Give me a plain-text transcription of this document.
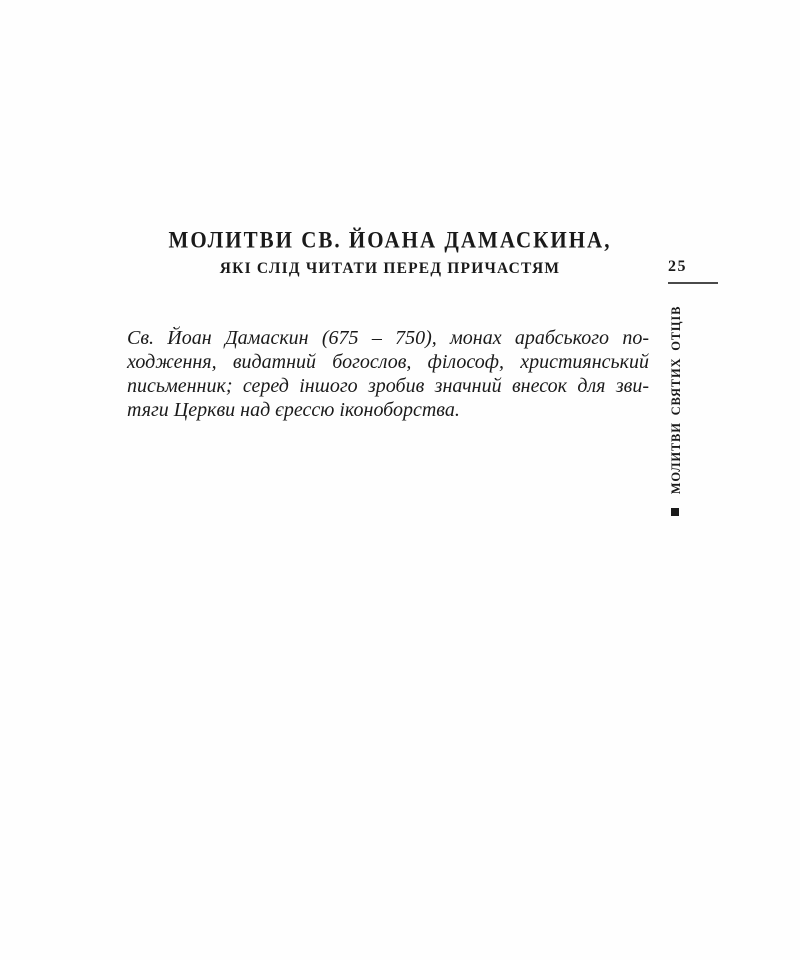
МОЛИТВИ СВ. ЙОАНА ДАМАСКИНА,
ЯКІ СЛІД ЧИТАТИ ПЕРЕД ПРИЧАСТЯМ
Св. Йоан Дамаскин (675 – 750), монах арабського по-
ходження, видатний богослов, філософ, християнський
письменник; серед іншого зробив значний внесок для зви-
тяги Церкви над єрессю іконоборства.
25
МОЛИТВИ СВЯТИХ ОТЦІВ
